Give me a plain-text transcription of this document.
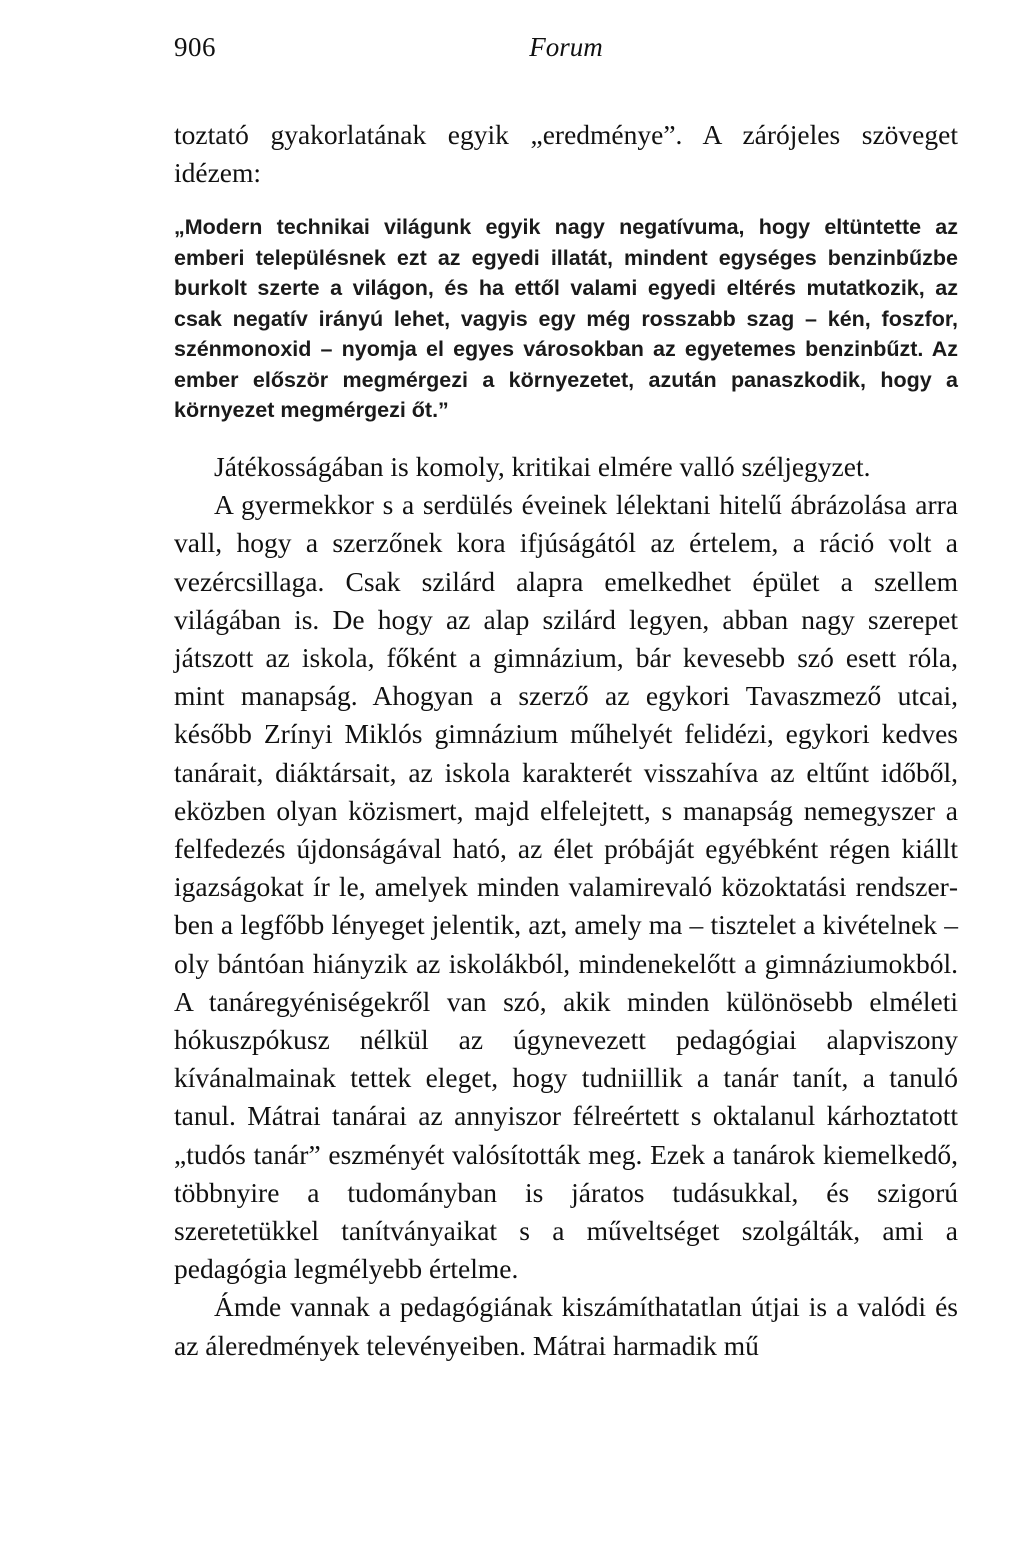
906	Forum

toztató gyakorlatának egyik „eredménye”. A zárójeles szöveget idézem:

„Modern technikai világunk egyik nagy negatívuma, hogy eltüntette az emberi településnek ezt az egyedi illatát, mindent egységes benzinbűzbe burkolt szerte a világon, és ha ettől valami egyedi eltérés mutatkozik, az csak negatív irányú lehet, vagyis egy még rosszabb szag – kén, foszfor, szénmonoxid – nyomja el egyes városokban az egyetemes benzinbűzt. Az ember először megmérgezi a környezetet, azután panaszkodik, hogy a környezet megmérgezi őt.”

Játékosságában is komoly, kritikai elmére valló széljegyzet.

A gyermekkor s a serdülés éveinek lélektani hitelű ábrázolása arra vall, hogy a szerzőnek kora ifjúságától az értelem, a ráció volt a vezércsillaga. Csak szilárd alapra emelkedhet épület a szellem világában is. De hogy az alap szilárd legyen, abban nagy szerepet játszott az iskola, főként a gimnázium, bár kevesebb szó esett róla, mint manapság. Ahogyan a szerző az egykori Tavaszmező utcai, később Zrínyi Miklós gimnázium műhelyét felidézi, egykori kedves tanárait, diáktársait, az iskola karakterét visszahíva az eltűnt időből, eközben olyan közismert, majd elfelejtett, s manapság nemegyszer a felfedezés újdonságával ható, az élet próbáját egyébként régen kiállt igazságokat ír le, amelyek minden valamirevaló közoktatási rendszerben a legfőbb lényeget jelentik, azt, amely ma – tisztelet a kivételnek – oly bántóan hiányzik az iskolákból, mindenekelőtt a gimnáziumokból. A tanáregyéniségekről van szó, akik minden különösebb elméleti hókuszpókusz nélkül az úgynevezett pedagógiai alapviszony kívánalmainak tettek eleget, hogy tudniillik a tanár tanít, a tanuló tanul. Mátrai tanárai az annyiszor félreértett s oktalanul kárhoztatott „tudós tanár” eszményét valósították meg. Ezek a tanárok kiemelkedő, többnyire a tudományban is járatos tudásukkal, és szigorú szeretetükkel tanítványaikat s a műveltséget szolgálták, ami a pedagógia legmélyebb értelme.

Ámde vannak a pedagógiának kiszámíthatatlan útjai is a valódi és az áleredmények televényeiben. Mátrai harmadik mű
